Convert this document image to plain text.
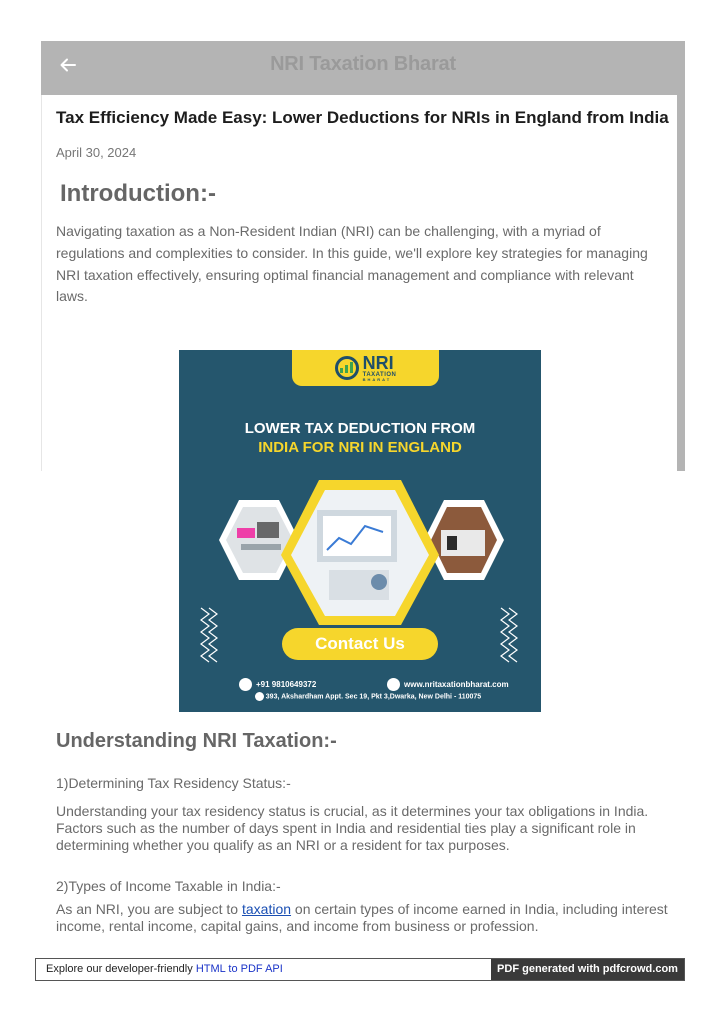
NRI Taxation Bharat
Tax Efficiency Made Easy: Lower Deductions for NRIs in England from India
April 30, 2024
Introduction:-

Navigating taxation as a Non-Resident Indian (NRI) can be challenging, with a myriad of regulations and complexities to consider. In this guide, we'll explore key strategies for managing NRI taxation effectively, ensuring optimal financial management and compliance with relevant laws.

NRI
TAXATION
BHARAT
LOWER TAX DEDUCTION FROM
INDIA FOR NRI IN ENGLAND
Contact Us
+91 9810649372	www.nritaxationbharat.com
393, Akshardham Appt. Sec 19, Pkt 3,Dwarka, New Delhi - 110075
Understanding NRI Taxation:-
1)Determining Tax Residency Status:-

Understanding your tax residency status is crucial, as it determines your tax obligations in India. Factors such as the number of days spent in India and residential ties play a significant role in determining whether you qualify as an NRI or a resident for tax purposes.

2)Types of Income Taxable in India:-

As an NRI, you are subject to taxation on certain types of income earned in India, including interest income, rental income, capital gains, and income from business or profession.

Explore our developer-friendly HTML to PDF API	PDF generated with pdfcrowd.com
